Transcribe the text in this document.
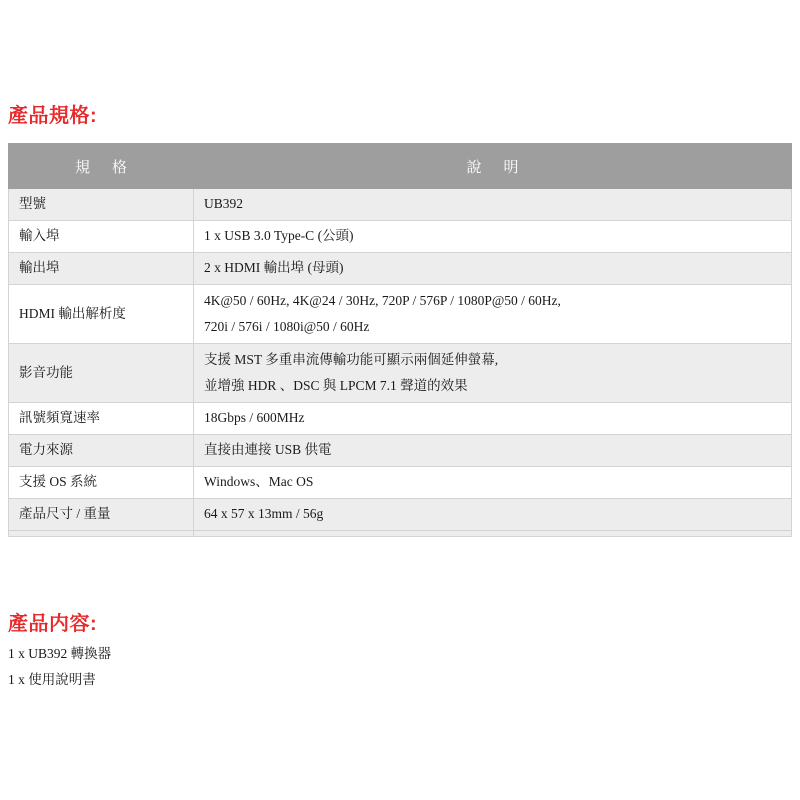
產品規格:
規 格	說 明
型號	UB392

輸入埠	1 x USB 3.0 Type-C (公頭)

輸出埠	2 x HDMI 輸出埠 (母頭)

HDMI 輸出解析度	4K@50 / 60Hz, 4K@24 / 30Hz, 720P / 576P / 1080P@50 / 60Hz,
720i / 576i / 1080i@50 / 60Hz

影音功能	支援 MST 多重串流傳輸功能可顯示兩個延伸螢幕,
並增強 HDR 、DSC 與 LPCM 7.1 聲道的效果

訊號頻寬速率	18Gbps / 600MHz

電力來源	直接由連接 USB 供電

支援 OS 系統	Windows、Mac OS

產品尺寸 / 重量	64 x 57 x 13mm / 56g

產品内容:
1 x UB392 轉換器
1 x 使用說明書
